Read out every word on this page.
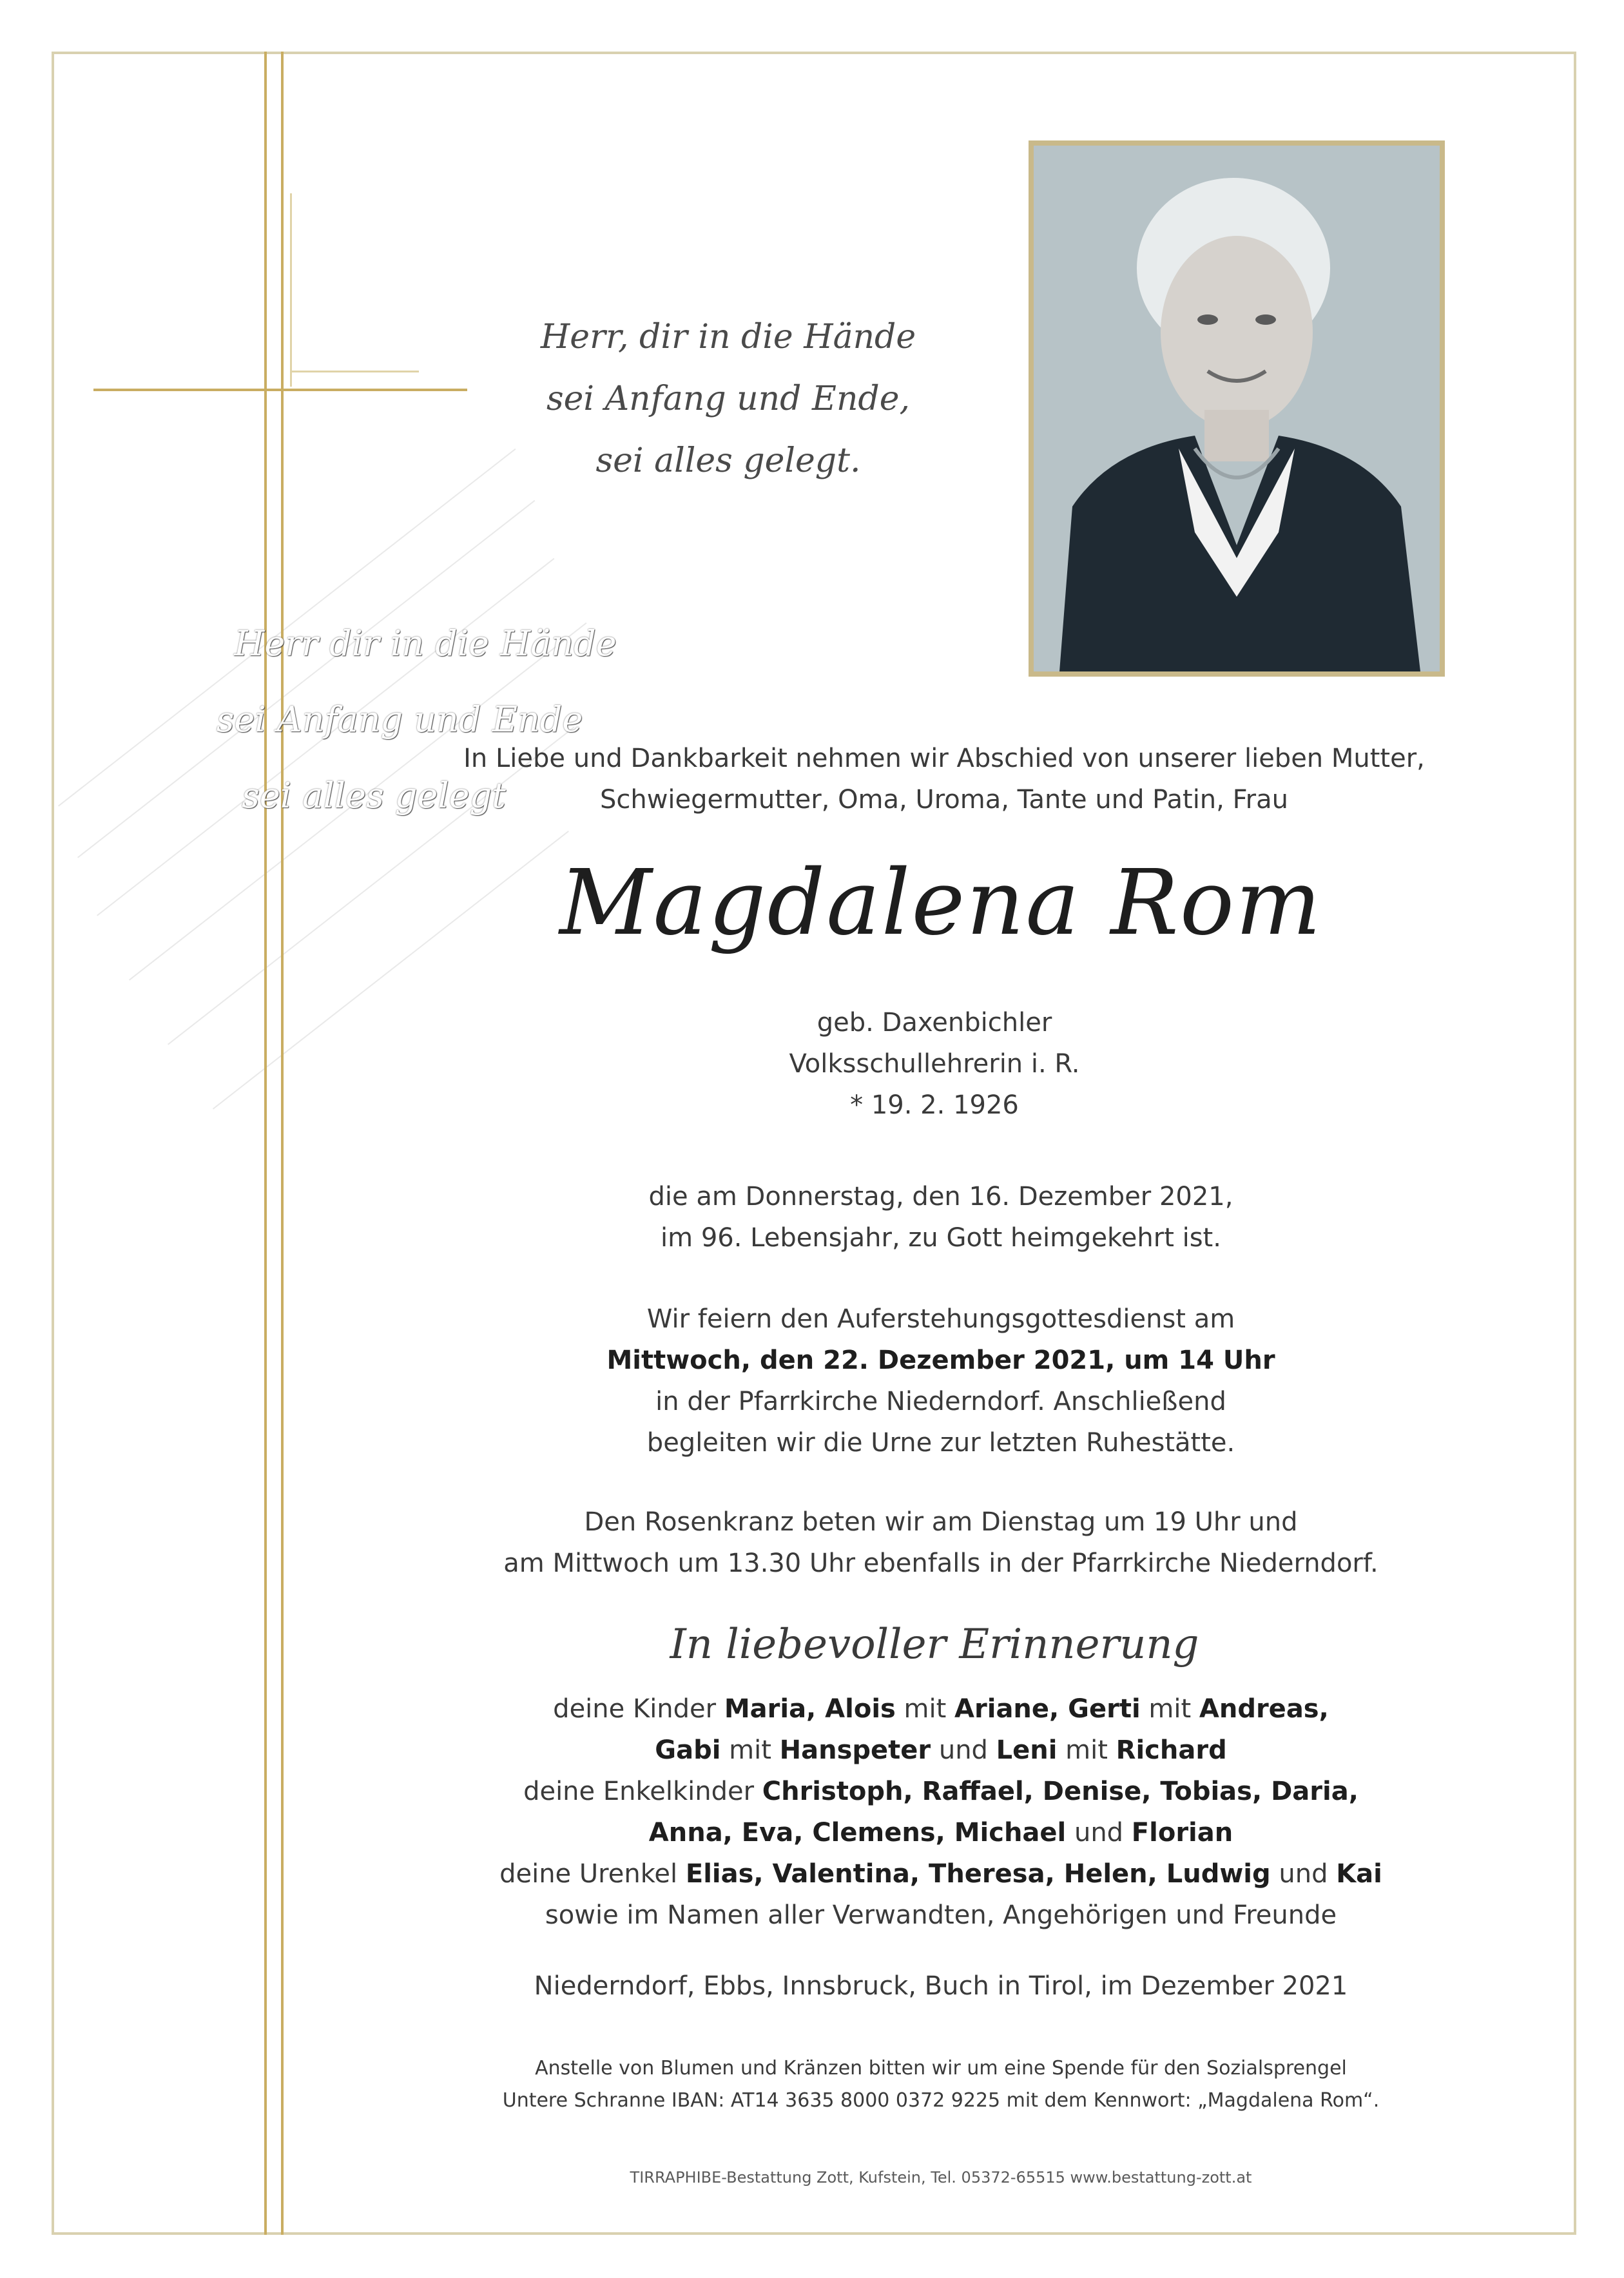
Herr, dir in die Hände
sei Anfang und Ende,
sei alles gelegt.
Herr dir in die Hände
sei Anfang und Ende
sei alles gelegt
In Liebe und Dankbarkeit nehmen wir Abschied von unserer lieben Mutter,
Schwiegermutter, Oma, Uroma, Tante und Patin, Frau
Magdalena Rom
geb. Daxenbichler
Volksschullehrerin i. R.
* 19. 2. 1926
die am Donnerstag, den 16. Dezember 2021,
im 96. Lebensjahr, zu Gott heimgekehrt ist.
Wir feiern den Auferstehungsgottesdienst am
Mittwoch, den 22. Dezember 2021, um 14 Uhr
in der Pfarrkirche Niederndorf. Anschließend
begleiten wir die Urne zur letzten Ruhestätte.
Den Rosenkranz beten wir am Dienstag um 19 Uhr und
am Mittwoch um 13.30 Uhr ebenfalls in der Pfarrkirche Niederndorf.
In liebevoller Erinnerung
deine Kinder Maria, Alois mit Ariane, Gerti mit Andreas,
Gabi mit Hanspeter und Leni mit Richard
deine Enkelkinder Christoph, Raffael, Denise, Tobias, Daria,
Anna, Eva, Clemens, Michael und Florian
deine Urenkel Elias, Valentina, Theresa, Helen, Ludwig und Kai
sowie im Namen aller Verwandten, Angehörigen und Freunde
Niederndorf, Ebbs, Innsbruck, Buch in Tirol, im Dezember 2021
Anstelle von Blumen und Kränzen bitten wir um eine Spende für den Sozialsprengel
Untere Schranne IBAN: AT14 3635 8000 0372 9225 mit dem Kennwort: „Magdalena Rom“.
TIRRAPHIBE-Bestattung Zott, Kufstein, Tel. 05372-65515 www.bestattung-zott.at
